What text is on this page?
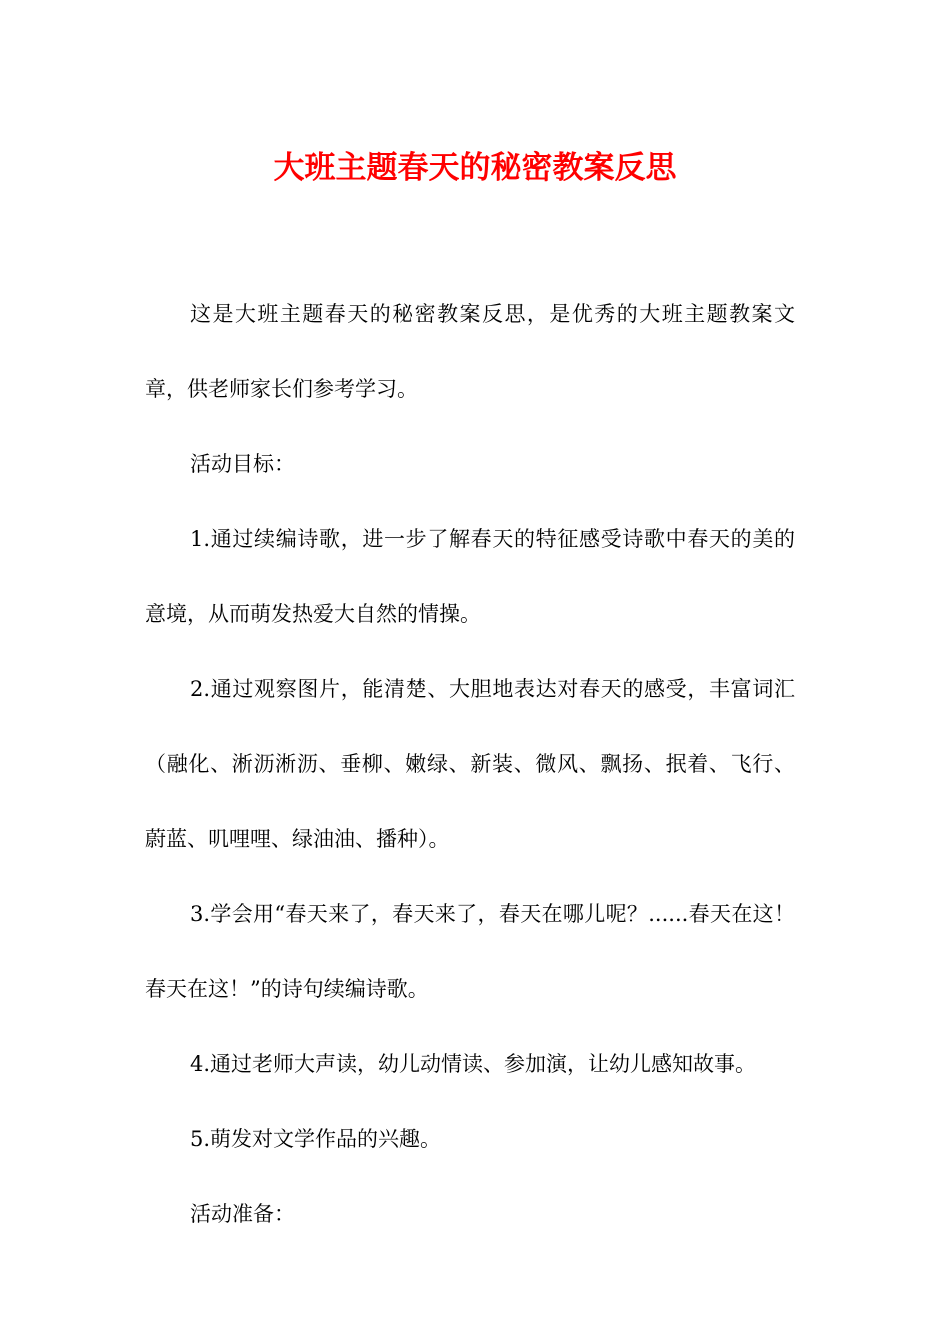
大班主题春天的秘密教案反思

这是大班主题春天的秘密教案反思，是优秀的大班主题教案文章，供老师家长们参考学习。

活动目标：

1.通过续编诗歌，进一步了解春天的特征感受诗歌中春天的美的意境，从而萌发热爱大自然的情操。

2.通过观察图片，能清楚、大胆地表达对春天的感受，丰富词汇（融化、淅沥淅沥、垂柳、嫩绿、新装、微风、飘扬、抿着、飞行、蔚蓝、叽哩哩、绿油油、播种）。

3.学会用“春天来了，春天来了，春天在哪儿呢？......春天在这！春天在这！”的诗句续编诗歌。

4.通过老师大声读，幼儿动情读、参加演，让幼儿感知故事。

5.萌发对文学作品的兴趣。

活动准备：
